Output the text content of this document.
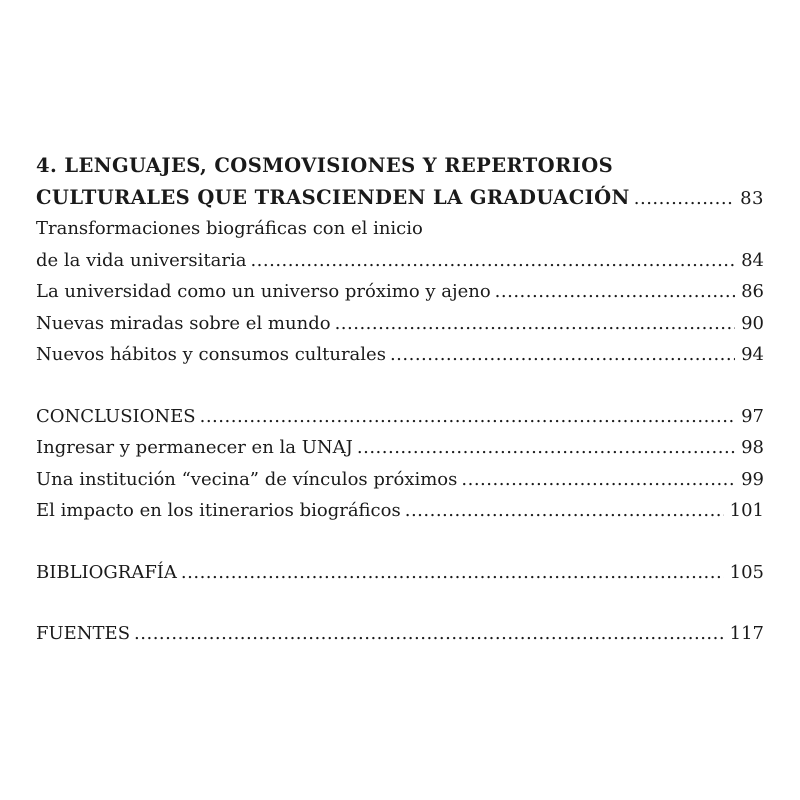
4. LENGUAJES, COSMOVISIONES Y REPERTORIOS
CULTURALES QUE TRASCIENDEN LA GRADUACIÓN .....	83
Transformaciones biográficas con el inicio
de la vida universitaria .....	84
La universidad como un universo próximo y ajeno .....	86
Nuevas miradas sobre el mundo .....	90
Nuevos hábitos y consumos culturales .....	94
CONCLUSIONES .....	97
Ingresar y permanecer en la UNAJ .....	98
Una institución “vecina” de vínculos próximos .....	99
El impacto en los itinerarios biográficos .....	101
BIBLIOGRAFÍA .....	105
FUENTES .....	117
